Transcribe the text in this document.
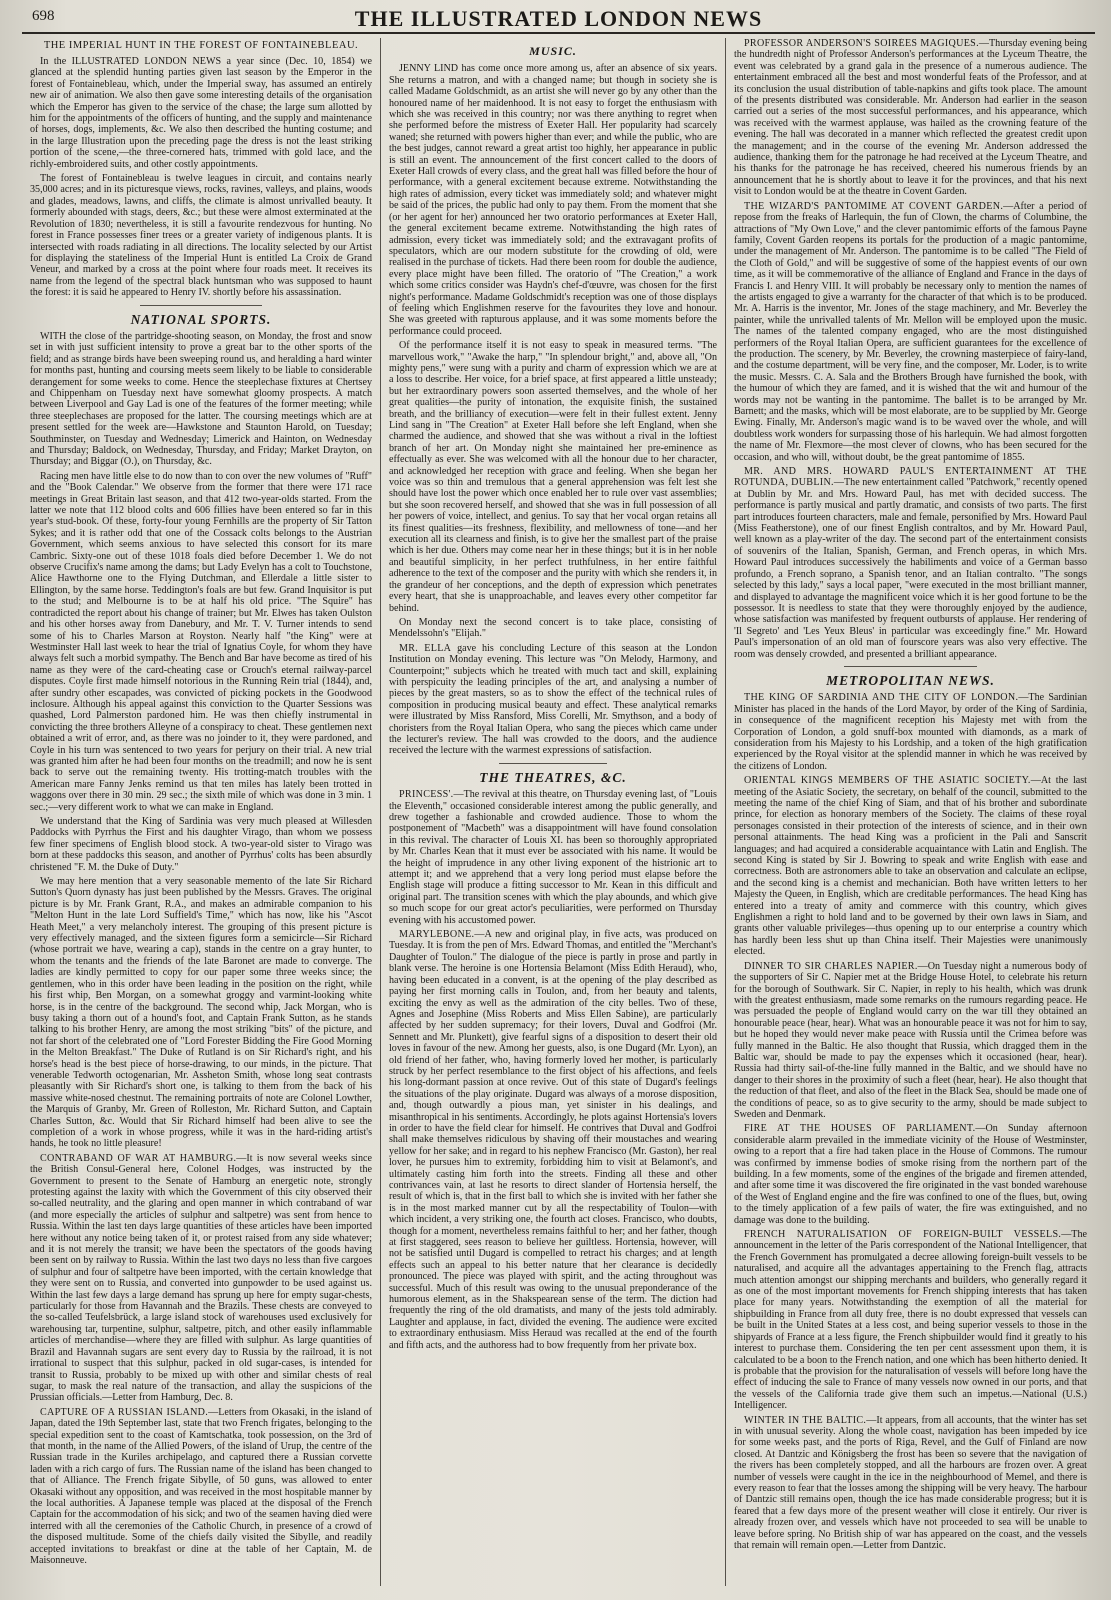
698	THE ILLUSTRATED LONDON NEWS
THE IMPERIAL HUNT IN THE FOREST OF FONTAINEBLEAU.

In the ILLUSTRATED LONDON NEWS a year since (Dec. 10, 1854) we glanced at the splendid hunting parties given last season by the Emperor in the forest of Fontainebleau, which, under the Imperial sway, has assumed an entirely new air of animation. We also then gave some interesting details of the organisation which the Emperor has given to the service of the chase; the large sum allotted by him for the appointments of the officers of hunting, and the supply and maintenance of horses, dogs, implements, &c. We also then described the hunting costume; and in the large Illustration upon the preceding page the dress is not the least striking portion of the scene,—the three-cornered hats, trimmed with gold lace, and the richly-embroidered suits, and other costly appointments.

The forest of Fontainebleau is twelve leagues in circuit, and contains nearly 35,000 acres; and in its picturesque views, rocks, ravines, valleys, and plains, woods and glades, meadows, lawns, and cliffs, the climate is almost unrivalled beauty. It formerly abounded with stags, deers, &c.; but these were almost exterminated at the Revolution of 1830; nevertheless, it is still a favourite rendezvous for hunting. No forest in France possesses finer trees or a greater variety of indigenous plants. It is intersected with roads radiating in all directions. The locality selected by our Artist for displaying the stateliness of the Imperial Hunt is entitled La Croix de Grand Veneur, and marked by a cross at the point where four roads meet. It receives its name from the legend of the spectral black huntsman who was supposed to haunt the forest: it is said he appeared to Henry IV. shortly before his assassination.

NATIONAL SPORTS.

WITH the close of the partridge-shooting season, on Monday, the frost and snow set in with just sufficient intensity to prove a great bar to the other sports of the field; and as strange birds have been sweeping round us, and heralding a hard winter for months past, hunting and coursing meets seem likely to be liable to considerable derangement for some weeks to come. Hence the steeplechase fixtures at Chertsey and Chippenham on Tuesday next have somewhat gloomy prospects. A match between Liverpool and Gay Lad is one of the features of the former meeting; while three steeplechases are proposed for the latter. The coursing meetings which are at present settled for the week are—Hawkstone and Staunton Harold, on Tuesday; Southminster, on Tuesday and Wednesday; Limerick and Hainton, on Wednesday and Thursday; Baldock, on Wednesday, Thursday, and Friday; Market Drayton, on Thursday; and Biggar (O.), on Thursday, &c.

Racing men have little else to do now than to con over the new volumes of "Ruff" and the "Book Calendar." We observe from the former that there were 171 race meetings in Great Britain last season, and that 412 two-year-olds started. From the latter we note that 112 blood colts and 606 fillies have been entered so far in this year's stud-book. Of these, forty-four young Fernhills are the property of Sir Tatton Sykes; and it is rather odd that one of the Cossack colts belongs to the Austrian Government, which seems anxious to have selected this consort for its mare Cambric. Sixty-one out of these 1018 foals died before December 1. We do not observe Crucifix's name among the dams; but Lady Evelyn has a colt to Touchstone, Alice Hawthorne one to the Flying Dutchman, and Ellerdale a little sister to Ellington, by the same horse. Teddington's foals are but few. Grand Inquisitor is put to the stud; and Melbourne is to be at half his old price. "The Squire" has contradicted the report about his change of trainer; but Mr. Elwes has taken Oulston and his other horses away from Danebury, and Mr. T. V. Turner intends to send some of his to Charles Marson at Royston. Nearly half "the King" were at Westminster Hall last week to hear the trial of Ignatius Coyle, for whom they have always felt such a morbid sympathy. The Bench and Bar have become as tired of his name as they were of the card-cheating case or Crouch's eternal railway-parcel disputes. Coyle first made himself notorious in the Running Rein trial (1844), and, after sundry other escapades, was convicted of picking pockets in the Goodwood inclosure. Although his appeal against this conviction to the Quarter Sessions was quashed, Lord Palmerston pardoned him. He was then chiefly instrumental in convicting the three brothers Alleyne of a conspiracy to cheat. These gentlemen next obtained a writ of error, and, as there was no joinder to it, they were pardoned, and Coyle in his turn was sentenced to two years for perjury on their trial. A new trial was granted him after he had been four months on the treadmill; and now he is sent back to serve out the remaining twenty. His trotting-match troubles with the American mare Fanny Jenks remind us that ten miles has lately been trotted in waggons over there in 30 min. 29 sec.; the sixth mile of which was done in 3 min. 1 sec.;—very different work to what we can make in England.

We understand that the King of Sardinia was very much pleased at Willesden Paddocks with Pyrrhus the First and his daughter Virago, than whom we possess few finer specimens of English blood stock. A two-year-old sister to Virago was born at these paddocks this season, and another of Pyrrhus' colts has been absurdly christened "F. M. the Duke of Duty."

We may here mention that a very seasonable memento of the late Sir Richard Sutton's Quorn dynasty has just been published by the Messrs. Graves. The original picture is by Mr. Frank Grant, R.A., and makes an admirable companion to his "Melton Hunt in the late Lord Suffield's Time," which has now, like his "Ascot Heath Meet," a very melancholy interest. The grouping of this present picture is very effectively managed, and the sixteen figures form a semicircle—Sir Richard (whose portrait we have, wearing a cap), stands in the centre on a gray hunter, to whom the tenants and the friends of the late Baronet are made to converge. The ladies are kindly permitted to copy for our paper some three weeks since; the gentlemen, who in this order have been leading in the position on the right, while his first whip, Ben Morgan, on a somewhat groggy and varmint-looking white horse, is in the centre of the background. The second whip, Jack Morgan, who is busy taking a thorn out of a hound's foot, and Captain Frank Sutton, as he stands talking to his brother Henry, are among the most striking "bits" of the picture, and not far short of the celebrated one of "Lord Forester Bidding the Fire Good Morning in the Melton Breakfast." The Duke of Rutland is on Sir Richard's right, and his horse's head is the best piece of horse-drawing, to our minds, in the picture. That venerable Tedworth octogenarian, Mr. Assheton Smith, whose long seat contrasts pleasantly with Sir Richard's short one, is talking to them from the back of his massive white-nosed chestnut. The remaining portraits of note are Colonel Lowther, the Marquis of Granby, Mr. Green of Rolleston, Mr. Richard Sutton, and Captain Charles Sutton, &c. Would that Sir Richard himself had been alive to see the completion of a work in whose progress, while it was in the hard-riding artist's hands, he took no little pleasure!

CONTRABAND OF WAR AT HAMBURG.—It is now several weeks since the British Consul-General here, Colonel Hodges, was instructed by the Government to present to the Senate of Hamburg an energetic note, strongly protesting against the laxity with which the Government of this city observed their so-called neutrality, and the glaring and open manner in which contraband of war (and more especially the articles of sulphur and saltpetre) was sent from hence to Russia. Within the last ten days large quantities of these articles have been imported here without any notice being taken of it, or protest raised from any side whatever; and it is not merely the transit; we have been the spectators of the goods having been sent on by railway to Russia. Within the last two days no less than five cargoes of sulphur and four of saltpetre have been imported, with the certain knowledge that they were sent on to Russia, and converted into gunpowder to be used against us. Within the last few days a large demand has sprung up here for empty sugar-chests, particularly for those from Havannah and the Brazils. These chests are conveyed to the so-called Teufelsbrück, a large island stock of warehouses used exclusively for warehousing tar, turpentine, sulphur, saltpetre, pitch, and other easily inflammable articles of merchandise—where they are filled with sulphur. As large quantities of Brazil and Havannah sugars are sent every day to Russia by the railroad, it is not irrational to suspect that this sulphur, packed in old sugar-cases, is intended for transit to Russia, probably to be mixed up with other and similar chests of real sugar, to mask the real nature of the transaction, and allay the suspicions of the Prussian officials.—Letter from Hamburg, Dec. 8.

CAPTURE OF A RUSSIAN ISLAND.—Letters from Okasaki, in the island of Japan, dated the 19th September last, state that two French frigates, belonging to the special expedition sent to the coast of Kamtschatka, took possession, on the 3rd of that month, in the name of the Allied Powers, of the island of Urup, the centre of the Russian trade in the Kuriles archipelago, and captured there a Russian corvette laden with a rich cargo of furs. The Russian name of the island has been changed to that of Alliance. The French frigate Sibylle, of 50 guns, was allowed to enter Okasaki without any opposition, and was received in the most hospitable manner by the local authorities. A Japanese temple was placed at the disposal of the French Captain for the accommodation of his sick; and two of the seamen having died were interred with all the ceremonies of the Catholic Church, in presence of a crowd of the disposed multitude. Some of the chiefs daily visited the Sibylle, and readily accepted invitations to breakfast or dine at the table of her Captain, M. de Maisonneuve.

MUSIC.

JENNY LIND has come once more among us, after an absence of six years. She returns a matron, and with a changed name; but though in society she is called Madame Goldschmidt, as an artist she will never go by any other than the honoured name of her maidenhood. It is not easy to forget the enthusiasm with which she was received in this country; nor was there anything to regret when she performed before the mistress of Exeter Hall. Her popularity had scarcely waned; she returned with powers higher than ever; and while the public, who are the best judges, cannot reward a great artist too highly, her appearance in public is still an event. The announcement of the first concert called to the doors of Exeter Hall crowds of every class, and the great hall was filled before the hour of performance, with a general excitement because extreme. Notwithstanding the high rates of admission, every ticket was immediately sold; and whatever might be said of the prices, the public had only to pay them. From the moment that she (or her agent for her) announced her two oratorio performances at Exeter Hall, the general excitement became extreme. Notwithstanding the high rates of admission, every ticket was immediately sold; and the extravagant profits of speculators, which are our modern substitute for the crowding of old, were realised in the purchase of tickets. Had there been room for double the audience, every place might have been filled. The oratorio of "The Creation," a work which some critics consider was Haydn's chef-d'œuvre, was chosen for the first night's performance. Madame Goldschmidt's reception was one of those displays of feeling which Englishmen reserve for the favourites they love and honour. She was greeted with rapturous applause, and it was some moments before the performance could proceed.

Of the performance itself it is not easy to speak in measured terms. "The marvellous work," "Awake the harp," "In splendour bright," and, above all, "On mighty pens," were sung with a purity and charm of expression which we are at a loss to describe. Her voice, for a brief space, at first appeared a little unsteady; but her extraordinary powers soon asserted themselves, and the whole of her great qualities—the purity of intonation, the exquisite finish, the sustained breath, and the brilliancy of execution—were felt in their fullest extent. Jenny Lind sang in "The Creation" at Exeter Hall before she left England, when she charmed the audience, and showed that she was without a rival in the loftiest branch of her art. On Monday night she maintained her pre-eminence as effectually as ever. She was welcomed with all the honour due to her character, and acknowledged her reception with grace and feeling. When she began her voice was so thin and tremulous that a general apprehension was felt lest she should have lost the power which once enabled her to rule over vast assemblies; but she soon recovered herself, and showed that she was in full possession of all her powers of voice, intellect, and genius. To say that her vocal organ retains all its finest qualities—its freshness, flexibility, and mellowness of tone—and her execution all its clearness and finish, is to give her the smallest part of the praise which is her due. Others may come near her in these things; but it is in her noble and beautiful simplicity, in her perfect truthfulness, in her entire faithful adherence to the text of the composer and the purity with which she renders it, in the grandeur of her conceptions, and the depth of expression which penetrates every heart, that she is unapproachable, and leaves every other competitor far behind.

On Monday next the second concert is to take place, consisting of Mendelssohn's "Elijah."

MR. ELLA gave his concluding Lecture of this season at the London Institution on Monday evening. This lecture was "On Melody, Harmony, and Counterpoint;" subjects which he treated with much tact and skill, explaining with perspicuity the leading principles of the art, and analysing a number of pieces by the great masters, so as to show the effect of the technical rules of composition in producing musical beauty and effect. These analytical remarks were illustrated by Miss Ransford, Miss Corelli, Mr. Smythson, and a body of choristers from the Royal Italian Opera, who sang the pieces which came under the lecturer's review. The hall was crowded to the doors, and the audience received the lecture with the warmest expressions of satisfaction.

THE THEATRES, &C.

PRINCESS'.—The revival at this theatre, on Thursday evening last, of "Louis the Eleventh," occasioned considerable interest among the public generally, and drew together a fashionable and crowded audience. Those to whom the postponement of "Macbeth" was a disappointment will have found consolation in this revival. The character of Louis XI. has been so thoroughly appropriated by Mr. Charles Kean that it must ever be associated with his name. It would be the height of imprudence in any other living exponent of the histrionic art to attempt it; and we apprehend that a very long period must elapse before the English stage will produce a fitting successor to Mr. Kean in this difficult and original part. The transition scenes with which the play abounds, and which give so much scope for our great actor's peculiarities, were performed on Thursday evening with his accustomed power.

MARYLEBONE.—A new and original play, in five acts, was produced on Tuesday. It is from the pen of Mrs. Edward Thomas, and entitled the "Merchant's Daughter of Toulon." The dialogue of the piece is partly in prose and partly in blank verse. The heroine is one Hortensia Belamont (Miss Edith Heraud), who, having been educated in a convent, is at the opening of the play described as paying her first morning calls in Toulon, and, from her beauty and talents, exciting the envy as well as the admiration of the city belles. Two of these, Agnes and Josephine (Miss Roberts and Miss Ellen Sabine), are particularly affected by her sudden supremacy; for their lovers, Duval and Godfroi (Mr. Sennett and Mr. Plunkett), give fearful signs of a disposition to desert their old loves in favour of the new. Among her guests, also, is one Dugard (Mr. Lyon), an old friend of her father, who, having formerly loved her mother, is particularly struck by her perfect resemblance to the first object of his affections, and feels his long-dormant passion at once revive. Out of this state of Dugard's feelings the situations of the play originate. Dugard was always of a morose disposition, and, though outwardly a pious man, yet sinister in his dealings, and misanthropical in his sentiments. Accordingly, he plots against Hortensia's lovers in order to have the field clear for himself. He contrives that Duval and Godfroi shall make themselves ridiculous by shaving off their moustaches and wearing yellow for her sake; and in regard to his nephew Francisco (Mr. Gaston), her real lover, he pursues him to extremity, forbidding him to visit at Belamont's, and ultimately casting him forth into the streets. Finding all these and other contrivances vain, at last he resorts to direct slander of Hortensia herself, the result of which is, that in the first ball to which she is invited with her father she is in the most marked manner cut by all the respectability of Toulon—with which incident, a very striking one, the fourth act closes. Francisco, who doubts, though for a moment, nevertheless remains faithful to her; and her father, though at first staggered, sees reason to believe her guiltless. Hortensia, however, will not be satisfied until Dugard is compelled to retract his charges; and at length effects such an appeal to his better nature that her clearance is decidedly pronounced. The piece was played with spirit, and the acting throughout was successful. Much of this result was owing to the unusual preponderance of the humorous element, as in the Shakspearean sense of the term. The diction had frequently the ring of the old dramatists, and many of the jests told admirably. Laughter and applause, in fact, divided the evening. The audience were excited to extraordinary enthusiasm. Miss Heraud was recalled at the end of the fourth and fifth acts, and the authoress had to bow frequently from her private box.

PROFESSOR ANDERSON'S SOIRÉES MAGIQUES.—Thursday evening being the hundredth night of Professor Anderson's performances at the Lyceum Theatre, the event was celebrated by a grand gala in the presence of a numerous audience. The entertainment embraced all the best and most wonderful feats of the Professor, and at its conclusion the usual distribution of table-napkins and gifts took place. The amount of the presents distributed was considerable. Mr. Anderson had earlier in the season carried out a series of the most successful performances, and his appearance, which was received with the warmest applause, was hailed as the crowning feature of the evening. The hall was decorated in a manner which reflected the greatest credit upon the management; and in the course of the evening Mr. Anderson addressed the audience, thanking them for the patronage he had received at the Lyceum Theatre, and his thanks for the patronage he has received, cheered his numerous friends by an announcement that he is shortly about to leave it for the provinces, and that his next visit to London would be at the theatre in Covent Garden.

THE WIZARD'S PANTOMIME AT COVENT GARDEN.—After a period of repose from the freaks of Harlequin, the fun of Clown, the charms of Columbine, the attractions of "My Own Love," and the clever pantomimic efforts of the famous Payne family, Covent Garden reopens its portals for the production of a magic pantomime, under the management of Mr. Anderson. The pantomime is to be called "The Field of the Cloth of Gold," and will be suggestive of some of the happiest events of our own time, as it will be commemorative of the alliance of England and France in the days of Francis I. and Henry VIII. It will probably be necessary only to mention the names of the artists engaged to give a warranty for the character of that which is to be produced. Mr. A. Harris is the inventor, Mr. Jones of the stage machinery, and Mr. Beverley the painter, while the unrivalled talents of Mr. Mellon will be employed upon the music. The names of the talented company engaged, who are the most distinguished performers of the Royal Italian Opera, are sufficient guarantees for the excellence of the production. The scenery, by Mr. Beverley, the crowning masterpiece of fairy-land, and the costume department, will be very fine, and the composer, Mr. Loder, is to write the music. Messrs. C. A. Sala and the Brothers Brough have furnished the book, with the humour of which they are famed, and it is wished that the wit and humour of the words may not be wanting in the pantomime. The ballet is to be arranged by Mr. Barnett; and the masks, which will be most elaborate, are to be supplied by Mr. George Ewing. Finally, Mr. Anderson's magic wand is to be waved over the whole, and will doubtless work wonders for surpassing those of his harlequin. We had almost forgotten the name of Mr. Flexmore—the most clever of clowns, who has been secured for the occasion, and who will, without doubt, be the great pantomime of 1855.

MR. AND MRS. HOWARD PAUL'S ENTERTAINMENT AT THE ROTUNDA, DUBLIN.—The new entertainment called "Patchwork," recently opened at Dublin by Mr. and Mrs. Howard Paul, has met with decided success. The performance is partly musical and partly dramatic, and consists of two parts. The first part introduces fourteen characters, male and female, personified by Mrs. Howard Paul (Miss Featherstone), one of our finest English contraltos, and by Mr. Howard Paul, well known as a play-writer of the day. The second part of the entertainment consists of souvenirs of the Italian, Spanish, German, and French operas, in which Mrs. Howard Paul introduces successively the habiliments and voice of a German basso profundo, a French soprano, a Spanish tenor, and an Italian contralto. "The songs selected by this lady," says a local paper, "were executed in the most brilliant manner, and displayed to advantage the magnificent voice which it is her good fortune to be the possessor. It is needless to state that they were thoroughly enjoyed by the audience, whose satisfaction was manifested by frequent outbursts of applause. Her rendering of 'Il Segreto' and 'Les Yeux Bleus' in particular was exceedingly fine." Mr. Howard Paul's impersonation of an old man of fourscore years was also very effective. The room was densely crowded, and presented a brilliant appearance.

METROPOLITAN NEWS.

THE KING OF SARDINIA AND THE CITY OF LONDON.—The Sardinian Minister has placed in the hands of the Lord Mayor, by order of the King of Sardinia, in consequence of the magnificent reception his Majesty met with from the Corporation of London, a gold snuff-box mounted with diamonds, as a mark of consideration from his Majesty to his Lordship, and a token of the high gratification experienced by the Royal visitor at the splendid manner in which he was received by the citizens of London.

ORIENTAL KINGS MEMBERS OF THE ASIATIC SOCIETY.—At the last meeting of the Asiatic Society, the secretary, on behalf of the council, submitted to the meeting the name of the chief King of Siam, and that of his brother and subordinate prince, for election as honorary members of the Society. The claims of these royal personages consisted in their protection of the interests of science, and in their own personal attainments. The head King was a proficient in the Pali and Sanscrit languages; and had acquired a considerable acquaintance with Latin and English. The second King is stated by Sir J. Bowring to speak and write English with ease and correctness. Both are astronomers able to take an observation and calculate an eclipse, and the second king is a chemist and mechanician. Both have written letters to her Majesty the Queen, in English, which are creditable performances. The head King has entered into a treaty of amity and commerce with this country, which gives Englishmen a right to hold land and to be governed by their own laws in Siam, and grants other valuable privileges—thus opening up to our enterprise a country which has hardly been less shut up than China itself. Their Majesties were unanimously elected.

DINNER TO SIR CHARLES NAPIER.—On Tuesday night a numerous body of the supporters of Sir C. Napier met at the Bridge House Hotel, to celebrate his return for the borough of Southwark. Sir C. Napier, in reply to his health, which was drunk with the greatest enthusiasm, made some remarks on the rumours regarding peace. He was persuaded the people of England would carry on the war till they obtained an honourable peace (hear, hear). What was an honourable peace it was not for him to say, but he hoped they would never make peace with Russia until the Crimea before was fully manned in the Baltic. He also thought that Russia, which dragged them in the Baltic war, should be made to pay the expenses which it occasioned (hear, hear). Russia had thirty sail-of-the-line fully manned in the Baltic, and we should have no danger to their shores in the proximity of such a fleet (hear, hear). He also thought that the reduction of that fleet, and also of the fleet in the Black Sea, should be made one of the conditions of peace, so as to give security to the army, should be made subject to Sweden and Denmark.

FIRE AT THE HOUSES OF PARLIAMENT.—On Sunday afternoon considerable alarm prevailed in the immediate vicinity of the House of Westminster, owing to a report that a fire had taken place in the House of Commons. The rumour was confirmed by immense bodies of smoke rising from the northern part of the building. In a few moments, some of the engines of the brigade and firemen attended, and after some time it was discovered the fire originated in the vast bonded warehouse of the West of England engine and the fire was confined to one of the flues, but, owing to the timely application of a few pails of water, the fire was extinguished, and no damage was done to the building.

FRENCH NATURALISATION OF FOREIGN-BUILT VESSELS.—The announcement in the letter of the Paris correspondent of the National Intelligencer, that the French Government has promulgated a decree allowing foreign-built vessels to be naturalised, and acquire all the advantages appertaining to the French flag, attracts much attention amongst our shipping merchants and builders, who generally regard it as one of the most important movements for French shipping interests that has taken place for many years. Notwithstanding the exemption of all the material for shipbuilding in France from all duty free, there is no doubt expressed that vessels can be built in the United States at a less cost, and being superior vessels to those in the shipyards of France at a less figure, the French shipbuilder would find it greatly to his interest to purchase them. Considering the ten per cent assessment upon them, it is calculated to be a boon to the French nation, and one which has been hitherto denied. It is probable that the provision for the naturalisation of vessels will before long have the effect of inducing the sale to France of many vessels now owned in our ports, and that the vessels of the California trade give them such an impetus.—National (U.S.) Intelligencer.

WINTER IN THE BALTIC.—It appears, from all accounts, that the winter has set in with unusual severity. Along the whole coast, navigation has been impeded by ice for some weeks past, and the ports of Riga, Revel, and the Gulf of Finland are now closed. At Dantzic and Königsberg the frost has been so severe that the navigation of the rivers has been completely stopped, and all the harbours are frozen over. A great number of vessels were caught in the ice in the neighbourhood of Memel, and there is every reason to fear that the losses among the shipping will be very heavy. The harbour of Dantzic still remains open, though the ice has made considerable progress; but it is feared that a few days more of the present weather will close it entirely. Our river is already frozen over, and vessels which have not proceeded to sea will be unable to leave before spring. No British ship of war has appeared on the coast, and the vessels that remain will remain open.—Letter from Dantzic.
